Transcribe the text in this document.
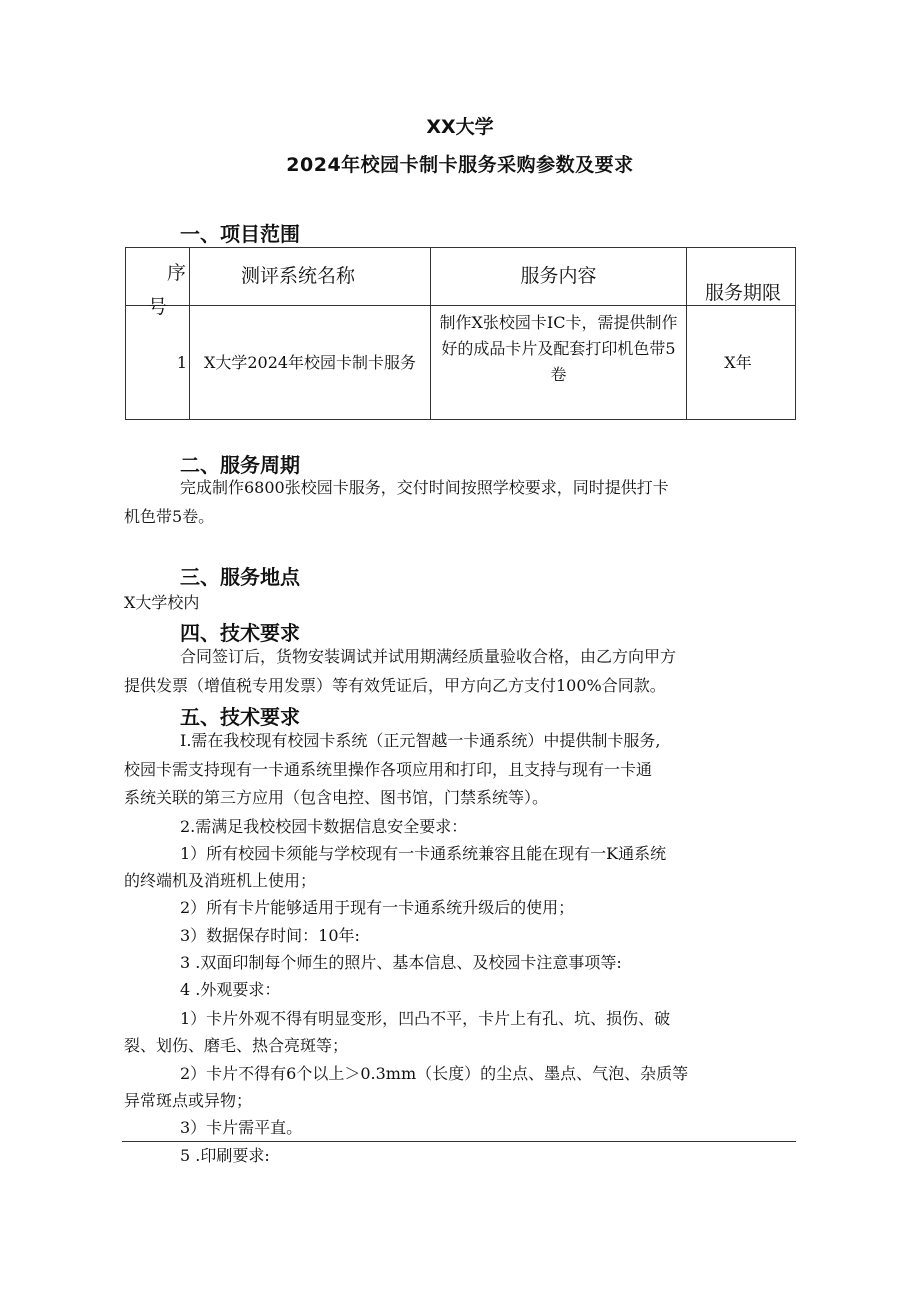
XX大学
2024年校园卡制卡服务采购参数及要求
一、项目范围
序
号	测评系统名称	服务内容	服务期限
1	X大学2024年校园卡制卡服务	制作X张校园卡IC卡，需提供制作好的成品卡片及配套打印机色带5卷	X年
二、服务周期
完成制作6800张校园卡服务，交付时间按照学校要求，同时提供打卡
机色带5卷。
三、服务地点
X大学校内
四、技术要求
合同签订后，货物安装调试并试用期满经质量验收合格，由乙方向甲方
提供发票（增值税专用发票）等有效凭证后，甲方向乙方支付100%合同款。
五、技术要求
I.需在我校现有校园卡系统（正元智越一卡通系统）中提供制卡服务,
校园卡需支持现有一卡通系统里操作各项应用和打印，且支持与现有一卡通
系统关联的第三方应用（包含电控、图书馆，门禁系统等）。
2.需满足我校校园卡数据信息安全要求：
1）所有校园卡须能与学校现有一卡通系统兼容且能在现有一K通系统
的终端机及消班机上使用；
2）所有卡片能够适用于现有一卡通系统升级后的使用；
3）数据保存时间：10年:
3 .双面印制每个师生的照片、基本信息、及校园卡注意事项等:
4 .外观要求：
1）卡片外观不得有明显变形，凹凸不平，卡片上有孔、坑、损伤、破
裂、划伤、磨毛、热合亮斑等；
2）卡片不得有6个以上＞0.3mm（长度）的尘点、墨点、气泡、杂质等
异常斑点或异物；
3）卡片需平直。
5 .印刷要求:
